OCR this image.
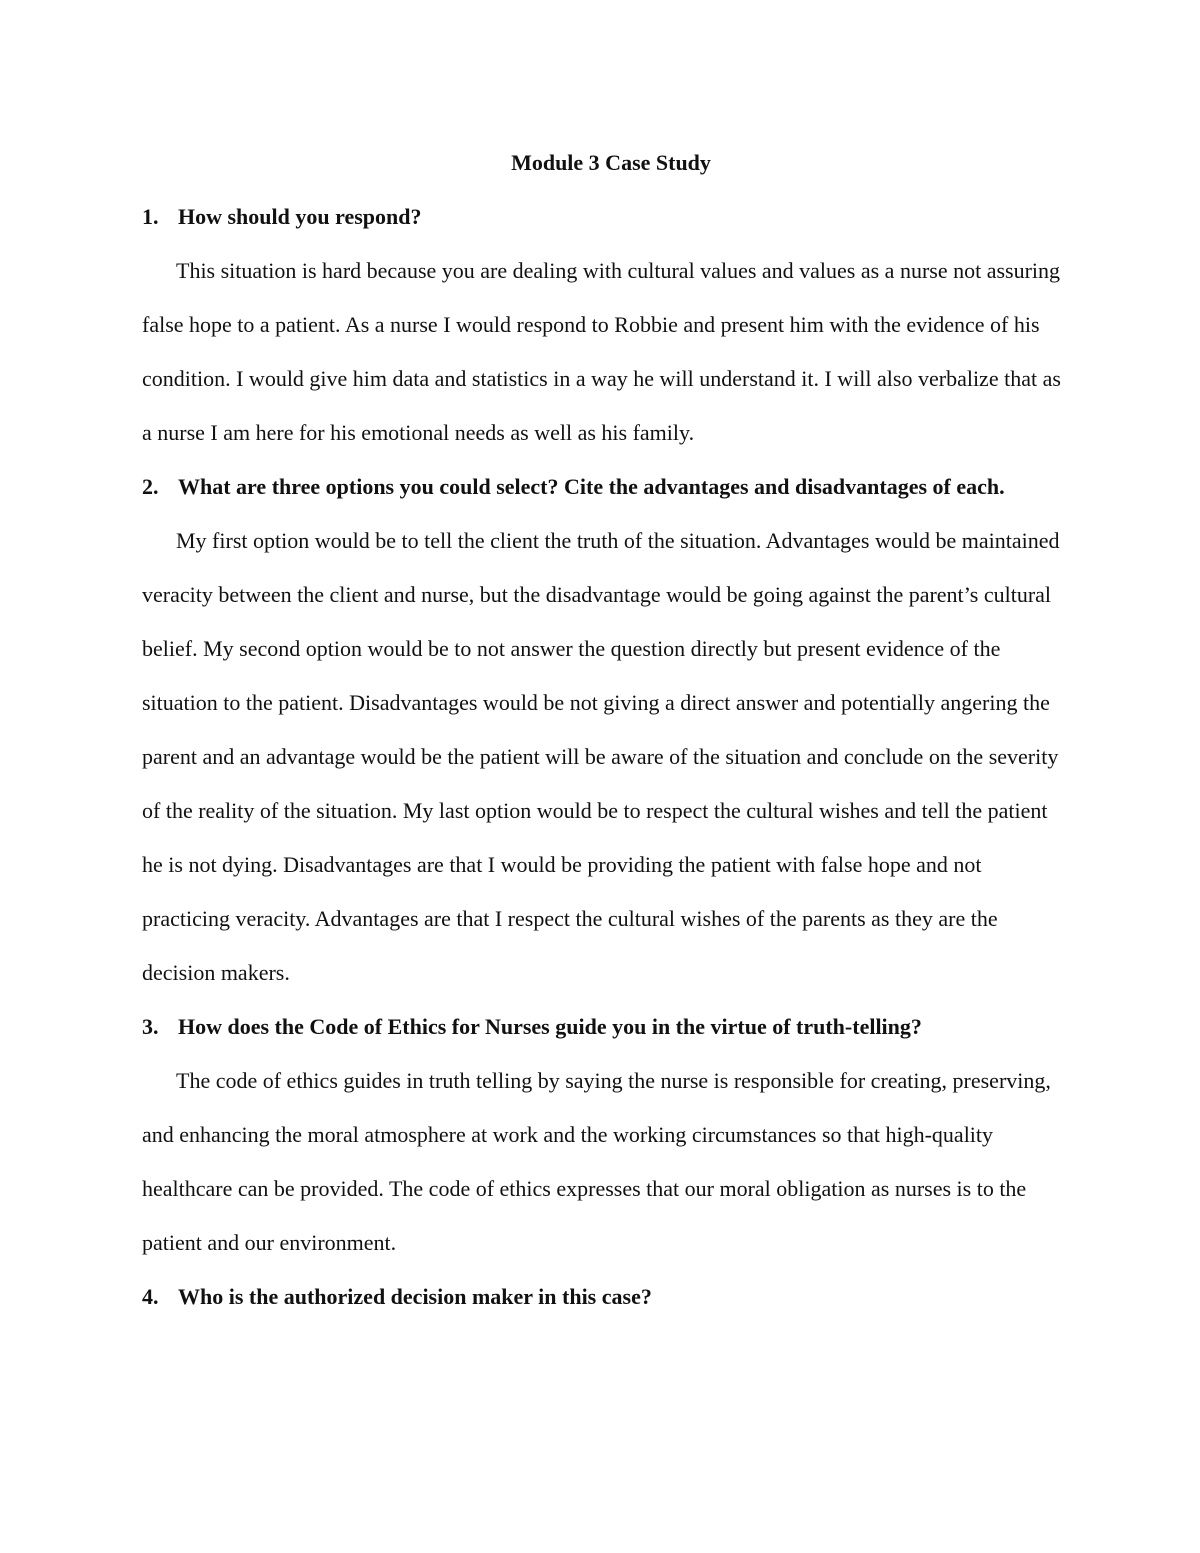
Module 3 Case Study

1. How should you respond?

This situation is hard because you are dealing with cultural values and values as a nurse not assuring false hope to a patient. As a nurse I would respond to Robbie and present him with the evidence of his condition. I would give him data and statistics in a way he will understand it. I will also verbalize that as a nurse I am here for his emotional needs as well as his family.

2. What are three options you could select? Cite the advantages and disadvantages of each.

My first option would be to tell the client the truth of the situation. Advantages would be maintained veracity between the client and nurse, but the disadvantage would be going against the parent’s cultural belief. My second option would be to not answer the question directly but present evidence of the situation to the patient. Disadvantages would be not giving a direct answer and potentially angering the parent and an advantage would be the patient will be aware of the situation and conclude on the severity of the reality of the situation. My last option would be to respect the cultural wishes and tell the patient he is not dying. Disadvantages are that I would be providing the patient with false hope and not practicing veracity. Advantages are that I respect the cultural wishes of the parents as they are the decision makers.

3. How does the Code of Ethics for Nurses guide you in the virtue of truth-telling?

The code of ethics guides in truth telling by saying the nurse is responsible for creating, preserving, and enhancing the moral atmosphere at work and the working circumstances so that high-quality healthcare can be provided. The code of ethics expresses that our moral obligation as nurses is to the patient and our environment.

4. Who is the authorized decision maker in this case?
